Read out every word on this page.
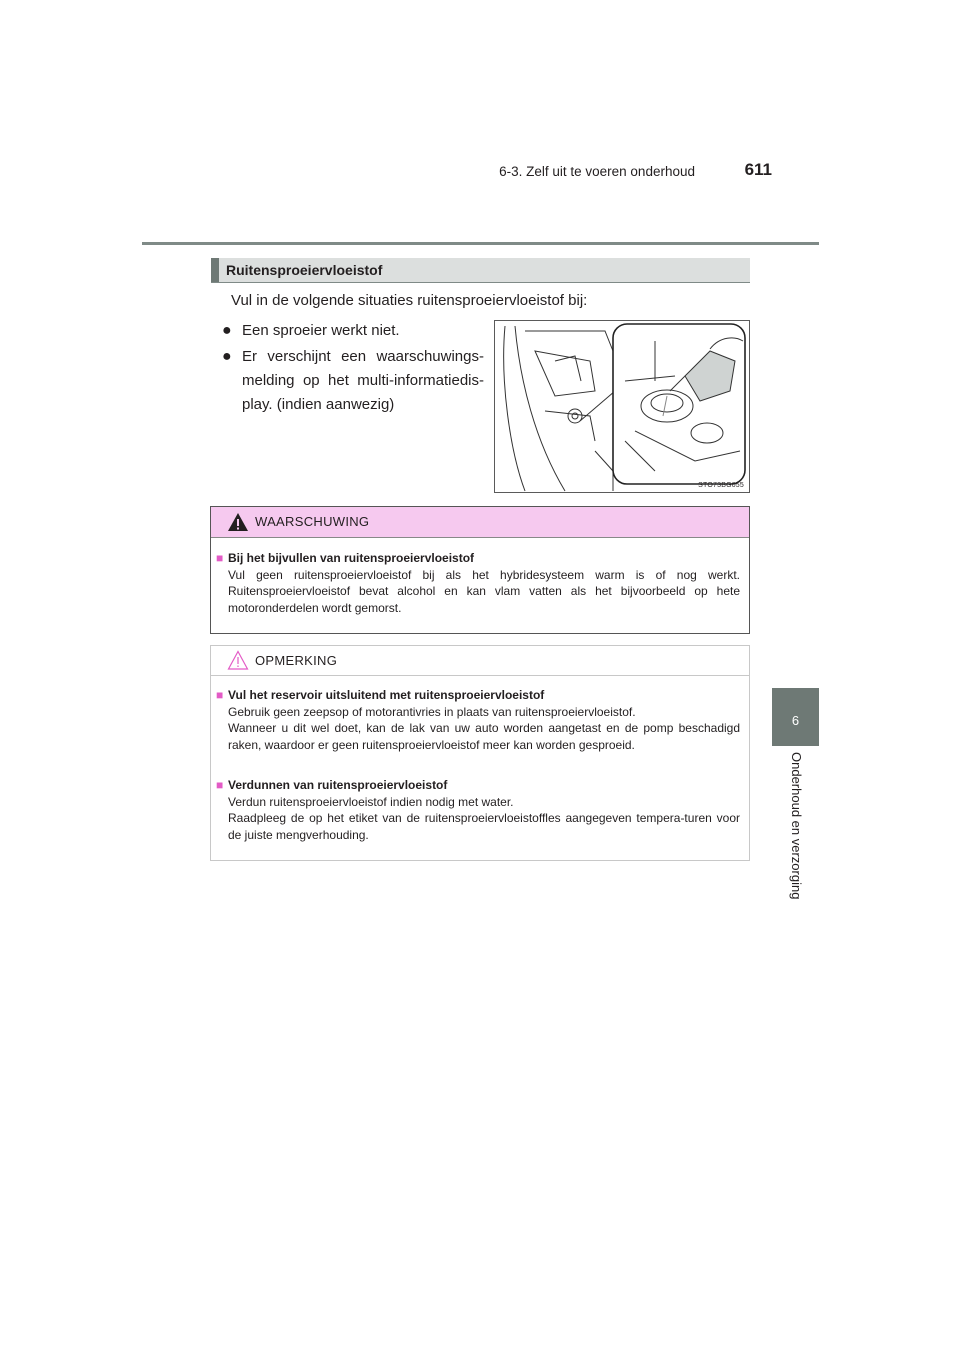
6-3. Zelf uit te voeren onderhoud	611
6
Onderhoud en verzorging
Ruitensproeiervloeistof
Vul in de volgende situaties ruitensproeiervloeistof bij:
● Een sproeier werkt niet.
● Er verschijnt een waarschuwings-melding op het multi-informatiedis-play. (indien aanwezig)
STO73BG055
WAARSCHUWING
■ Bij het bijvullen van ruitensproeiervloeistof

Vul geen ruitensproeiervloeistof bij als het hybridesysteem warm is of nog werkt. Ruitensproeiervloeistof bevat alcohol en kan vlam vatten als het bijvoorbeeld op hete motoronderdelen wordt gemorst.

OPMERKING
■ Vul het reservoir uitsluitend met ruitensproeiervloeistof

Gebruik geen zeepsop of motorantivries in plaats van ruitensproeiervloeistof.

Wanneer u dit wel doet, kan de lak van uw auto worden aangetast en de pomp beschadigd raken, waardoor er geen ruitensproeiervloeistof meer kan worden gesproeid.

■ Verdunnen van ruitensproeiervloeistof

Verdun ruitensproeiervloeistof indien nodig met water.

Raadpleeg de op het etiket van de ruitensproeiervloeistoffles aangegeven tempera-turen voor de juiste mengverhouding.
